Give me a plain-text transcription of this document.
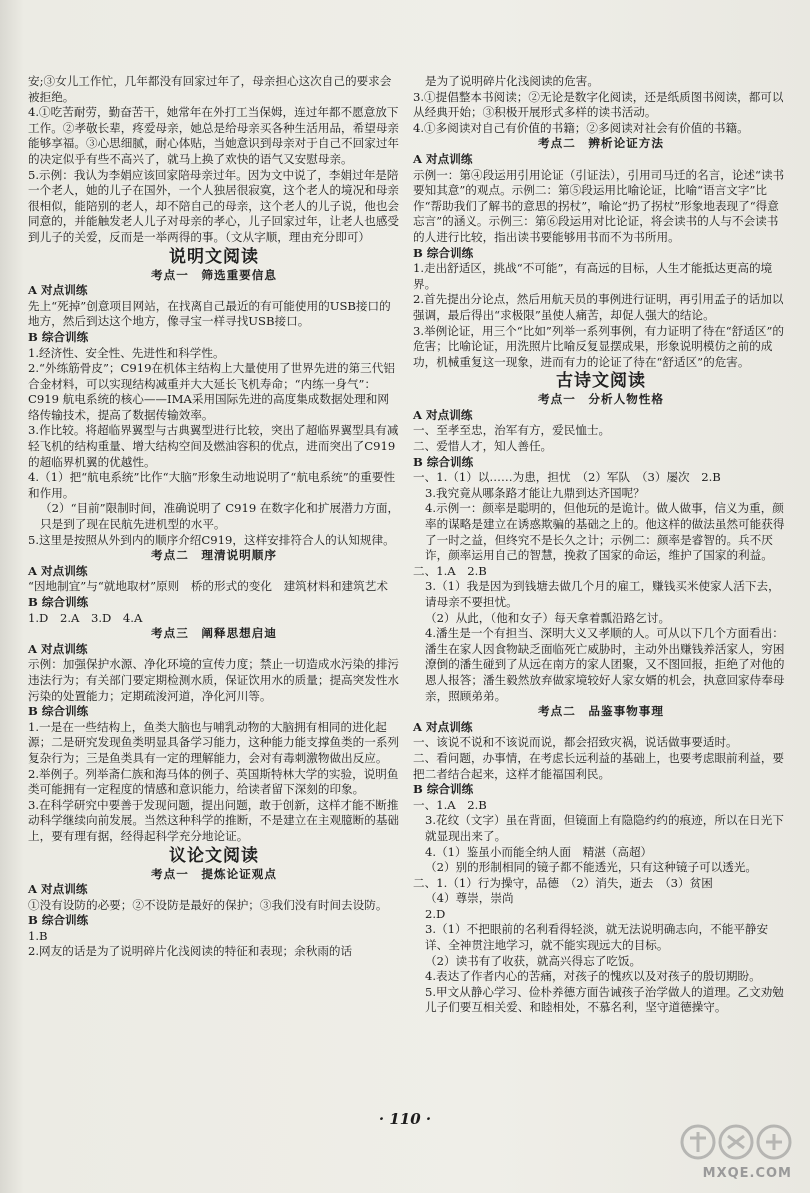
安;③女儿工作忙，几年都没有回家过年了，母亲担心这次自己的要求会被拒绝。
4.①吃苦耐劳，勤奋苦干，她常年在外打工当保姆，连过年都不愿意放下工作。②孝敬长辈，疼爱母亲，她总是给母亲买各种生活用品，希望母亲能够享福。③心思细腻，耐心体贴，当她意识到母亲对于自己不回家过年的决定似乎有些不高兴了，就马上换了欢快的语气又安慰母亲。
5.示例：我认为李娟应该回家陪母亲过年。因为文中说了，李娟过年是陪一个老人，她的儿子在国外，一个人独居很寂寞，这个老人的境况和母亲很相似，能陪别的老人，却不陪自己的母亲，这个老人的儿子说，他也会同意的，并能触发老人儿子对母亲的孝心，儿子回家过年，让老人也感受到儿子的关爱，反而是一举两得的事。（文从字顺，理由充分即可）
说明文阅读
考点一　筛选重要信息
A 对点训练
先上“死掉”创意项目网站，在找离自己最近的有可能使用的USB接口的地方，然后到达这个地方，像寻宝一样寻找USB接口。
B 综合训练
1.经济性、安全性、先进性和科学性。
2.“外练筋骨皮”；C919在机体主结构上大量使用了世界先进的第三代铝合金材料，可以实现结构减重并大大延长飞机寿命；“内练一身气”：C919 航电系统的核心——IMA采用国际先进的高度集成数据处理和网络传输技术，提高了数据传输效率。
3.作比较。将超临界翼型与古典翼型进行比较，突出了超临界翼型具有减轻飞机的结构重量、增大结构空间及燃油容积的优点，进而突出了C919的超临界机翼的优越性。
4.（1）把“航电系统”比作“大脑”形象生动地说明了“航电系统”的重要性和作用。
（2）“目前”限制时间，准确说明了 C919 在数字化和扩展潜力方面，只是到了现在民航先进机型的水平。
5.这里是按照从外到内的顺序介绍C919，这样安排符合人的认知规律。
考点二　理清说明顺序
A 对点训练
“因地制宜”与“就地取材”原则　桥的形式的变化　建筑材料和建筑艺术
B 综合训练
1.D　2.A　3.D　4.A
考点三　阐释思想启迪
A 对点训练
示例：加强保护水源、净化环境的宣传力度；禁止一切造成水污染的排污违法行为；有关部门要定期检测水质，保证饮用水的质量；提高突发性水污染的处置能力；定期疏浚河道，净化河川等。
B 综合训练
1.一是在一些结构上，鱼类大脑也与哺乳动物的大脑拥有相同的进化起源；二是研究发现鱼类明显具备学习能力，这种能力能支撑鱼类的一系列复杂行为；三是鱼类具有一定的理解能力，会对有毒刺激物做出反应。
2.举例子。列举斋仁族和海马体的例子、英国斯特林大学的实验，说明鱼类可能拥有一定程度的情感和意识能力，给读者留下深刻的印象。
3.在科学研究中要善于发现问题，提出问题，敢于创新，这样才能不断推动科学继续向前发展。当然这种科学的推断，不是建立在主观臆断的基础上，要有理有据，经得起科学充分地论证。
议论文阅读
考点一　提炼论证观点
A 对点训练
①没有设防的必要；②不设防是最好的保护；③我们没有时间去设防。
B 综合训练
1.B
2.网友的话是为了说明碎片化浅阅读的特征和表现；余秋雨的话
是为了说明碎片化浅阅读的危害。
3.①提倡整本书阅读；②无论是数字化阅读，还是纸质图书阅读，都可以从经典开始；③积极开展形式多样的读书活动。
4.①多阅读对自己有价值的书籍；②多阅读对社会有价值的书籍。
考点二　辨析论证方法
A 对点训练
示例一：第④段运用引用论证（引证法），引用司马迁的名言，论述“读书要知其意”的观点。示例二：第⑤段运用比喻论证，比喻“语言文字”比作“帮助我们了解书的意思的拐杖”，喻论“扔了拐杖”形象地表现了“得意忘言”的涵义。示例三：第⑥段运用对比论证，将会读书的人与不会读书的人进行比较，指出读书要能够用书而不为书所用。
B 综合训练
1.走出舒适区，挑战“不可能”，有高远的目标，人生才能抵达更高的境界。
2.首先提出分论点，然后用航天员的事例进行证明，再引用孟子的话加以强调，最后得出“求极限”虽使人痛苦，却促人强大的结论。
3.举例论证，用三个“比如”列举一系列事例，有力证明了待在“舒适区”的危害；比喻论证，用洗照片比喻反复显摆成果，形象说明模仿之前的成功，机械重复这一现象，进而有力的论证了待在“舒适区”的危害。
古诗文阅读
考点一　分析人物性格
A 对点训练
一、至孝至忠，治军有方，爱民恤士。
二、爱惜人才，知人善任。
B 综合训练
一、1.（1）以……为患，担忧　（2）军队　（3）屡次　2.B
3.我究竟从哪条路才能让九鼎到达齐国呢？
4.示例一：颜率是聪明的，但他玩的是诡计。做人做事，信义为重，颜率的谋略是建立在诱惑欺骗的基础之上的。他这样的做法虽然可能获得了一时之益，但终究不是长久之计；示例二：颜率是睿智的。兵不厌诈，颜率运用自己的智慧，挽救了国家的命运，维护了国家的利益。
二、1.A　2.B
3.（1）我是因为到钱塘去做几个月的雇工，赚钱买米使家人活下去，请母亲不要担忧。
（2）从此，（他和女子）每天拿着瓢沿路乞讨。
4.潘生是一个有担当、深明大义又孝顺的人。可从以下几个方面看出：潘生在家人因食物缺乏面临死亡威胁时，主动外出赚钱养活家人，穷困潦倒的潘生碰到了从远在南方的家人团聚，又不图回报，拒绝了对他的恩人报答；潘生毅然放弃做家境较好人家女婿的机会，执意回家侍奉母亲，照顾弟弟。
考点二　品鉴事物事理
A 对点训练
一、该说不说和不该说而说，都会招致灾祸，说话做事要适时。
二、看问题，办事情，在考虑长远利益的基础上，也要考虑眼前利益，要把二者结合起来，这样才能福国利民。
B 综合训练
一、1.A　2.B
3.花纹（文字）虽在背面，但镜面上有隐隐约约的痕迹，所以在日光下就显现出来了。
4.（1）鉴虽小而能全纳人面　精湛（高超）
（2）别的形制相同的镜子都不能透光，只有这种镜子可以透光。
二、1.（1）行为操守，品德　（2）消失，逝去　（3）贫困
（4）尊崇，崇尚
2.D
3.（1）不把眼前的名利看得轻淡，就无法说明确志向，不能平静安详、全神贯注地学习，就不能实现远大的目标。
（2）读书有了收获，就高兴得忘了吃饭。
4.表达了作者内心的苦痛，对孩子的愧疚以及对孩子的殷切期盼。
5.甲文从静心学习、俭朴养德方面告诫孩子治学做人的道理。乙文劝勉儿子们要互相关爱、和睦相处，不慕名利，坚守道德操守。
· 110 ·
MXQE.COM
